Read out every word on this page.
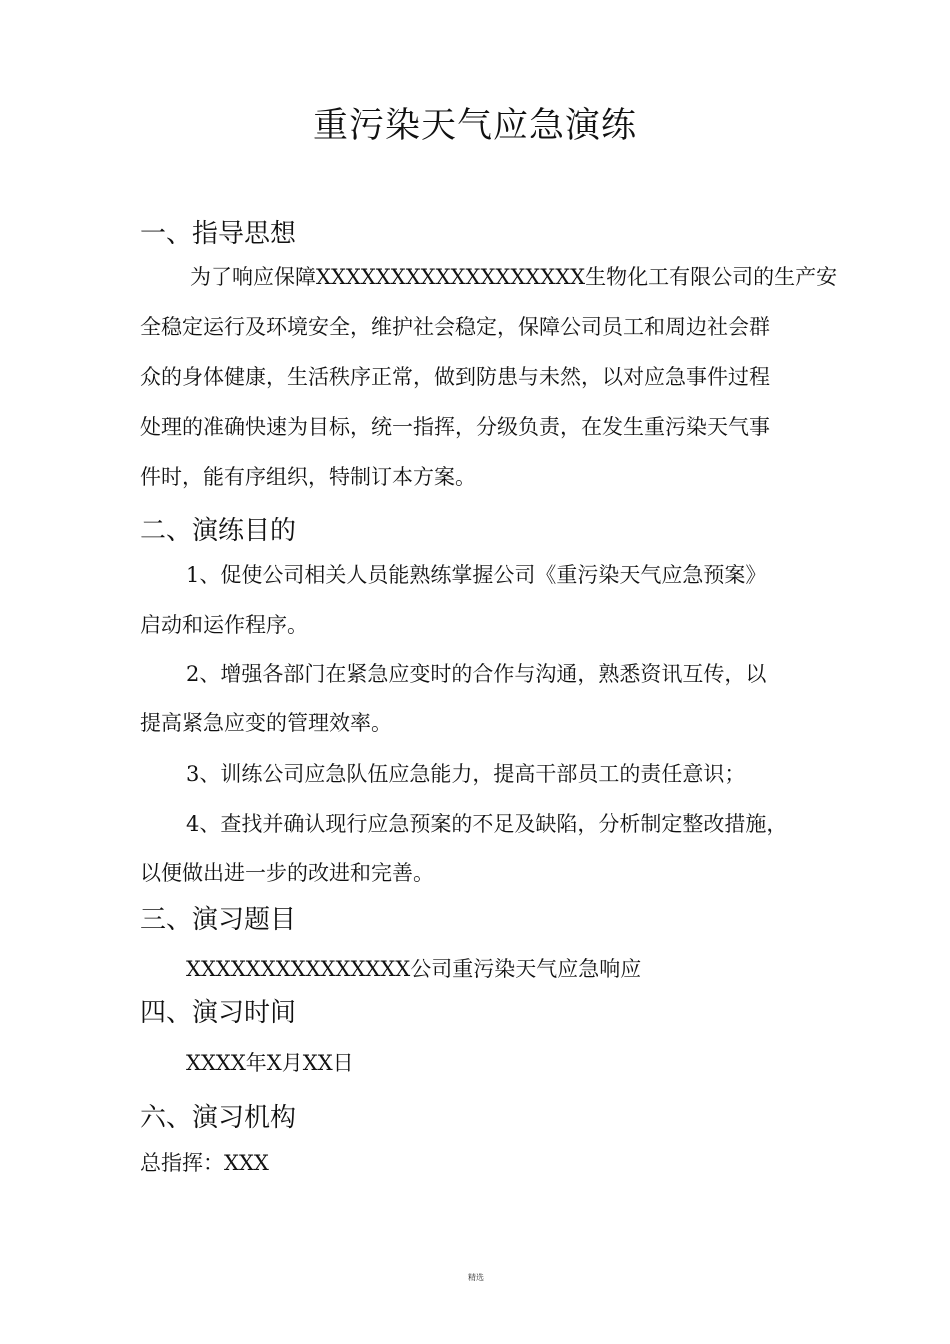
重污染天气应急演练
一、指导思想
为了响应保障XXXXXXXXXXXXXXXXXX生物化工有限公司的生产安
全稳定运行及环境安全，维护社会稳定，保障公司员工和周边社会群
众的身体健康，生活秩序正常，做到防患与未然，以对应急事件过程
处理的准确快速为目标，统一指挥，分级负责，在发生重污染天气事
件时，能有序组织，特制订本方案。
二、演练目的
1、促使公司相关人员能熟练掌握公司《重污染天气应急预案》
启动和运作程序。
2、增强各部门在紧急应变时的合作与沟通，熟悉资讯互传，以
提高紧急应变的管理效率。
3、训练公司应急队伍应急能力，提高干部员工的责任意识；
4、查找并确认现行应急预案的不足及缺陷，分析制定整改措施，
以便做出进一步的改进和完善。
三、演习题目
XXXXXXXXXXXXXXX公司重污染天气应急响应
四、演习时间
XXXX年X月XX日
六、演习机构
总指挥：XXX
精选
